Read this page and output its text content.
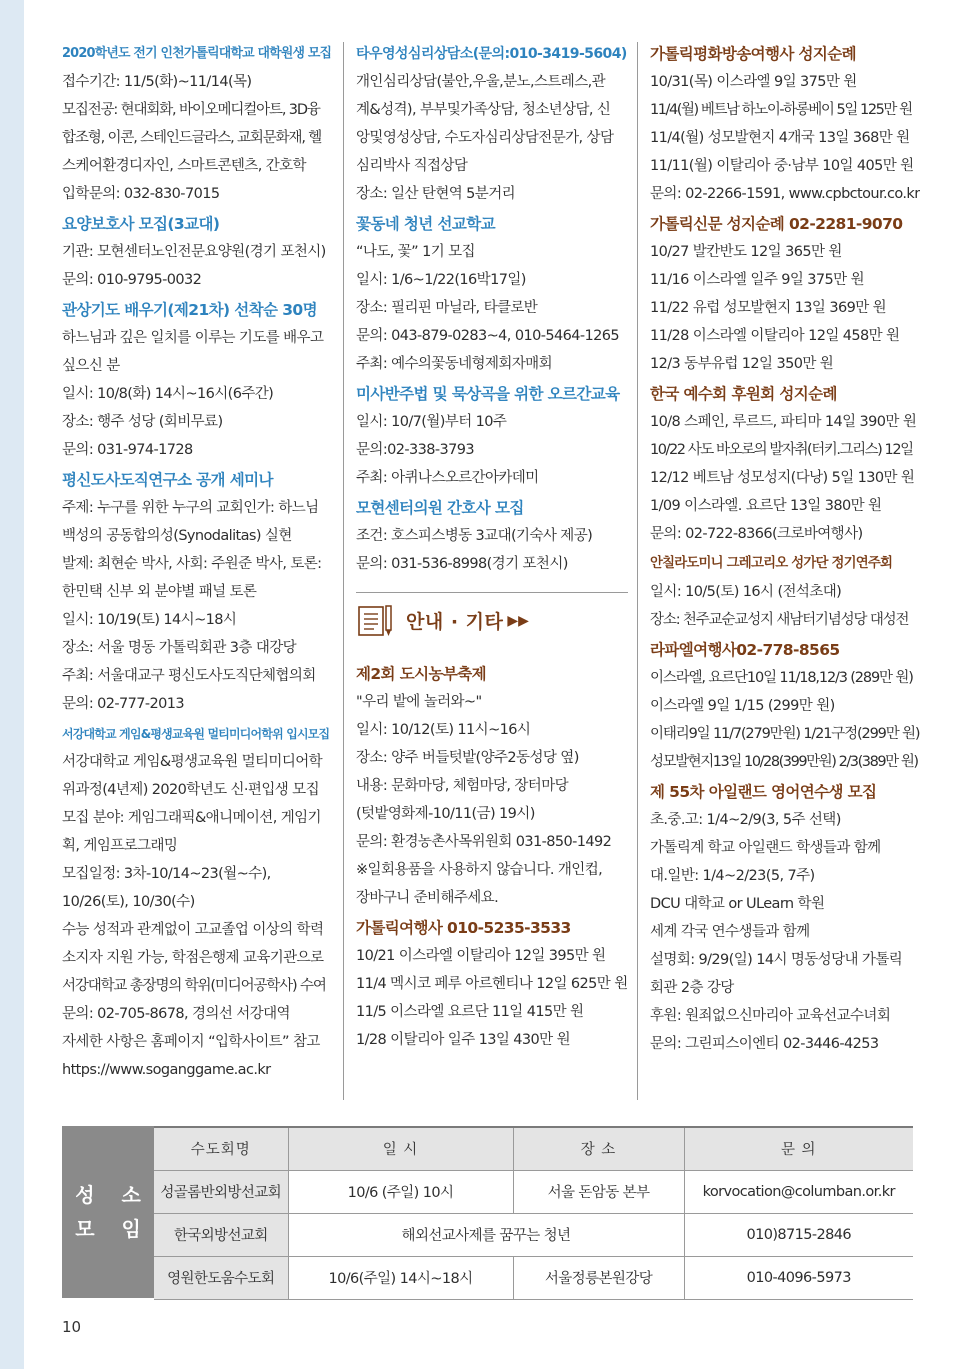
2020학년도 전기 인천가톨릭대학교 대학원생 모집
접수기간: 11/5(화)~11/14(목)
모집전공: 현대회화, 바이오메디컬아트, 3D융
합조형, 이콘, 스테인드글라스, 교회문화재, 헬
스케어환경디자인, 스마트콘텐츠, 간호학
입학문의: 032-830-7015
요양보호사 모집(3교대)
기관: 모현센터노인전문요양원(경기 포천시)
문의: 010-9795-0032
관상기도 배우기(제21차) 선착순 30명
하느님과 깊은 일치를 이루는 기도를 배우고
싶으신 분
일시: 10/8(화) 14시~16시(6주간)
장소: 행주 성당 (회비무료)
문의: 031-974-1728
평신도사도직연구소 공개 세미나
주제: 누구를 위한 누구의 교회인가: 하느님
백성의 공동합의성(Synodalitas) 실현
발제: 최현순 박사, 사회: 주원준 박사, 토론:
한민택 신부 외 분야별 패널 토론
일시: 10/19(토) 14시~18시
장소: 서울 명동 가톨릭회관 3층 대강당
주최: 서울대교구 평신도사도직단체협의회
문의: 02-777-2013
서강대학교 게임&평생교육원 멀티미디어학위 입시모집
서강대학교 게임&평생교육원 멀티미디어학
위과정(4년제) 2020학년도 신·편입생 모집
모집 분야: 게임그래픽&애니메이션, 게임기
획, 게임프로그래밍
모집일정: 3차-10/14~23(월~수),
10/26(토), 10/30(수)
수능 성적과 관계없이 고교졸업 이상의 학력
소지자 지원 가능, 학점은행제 교육기관으로
서강대학교 총장명의 학위(미디어공학사) 수여
문의: 02-705-8678, 경의선 서강대역
자세한 사항은 홈페이지 “입학사이트” 참고
https://www.soganggame.ac.kr
타우영성심리상담소(문의:010-3419-5604)
개인심리상담(불안,우울,분노,스트레스,관
계&성격), 부부및가족상담, 청소년상담, 신
앙및영성상담, 수도자심리상담전문가, 상담
심리박사 직접상담
장소: 일산 탄현역 5분거리
꽃동네 청년 선교학교
“나도, 꽃” 1기 모집
일시: 1/6~1/22(16박17일)
장소: 필리핀 마닐라, 타클로반
문의: 043-879-0283~4, 010-5464-1265
주최: 예수의꽃동네형제회자매회
미사반주법 및 묵상곡을 위한 오르간교육
일시: 10/7(월)부터 10주
문의:02-338-3793
주최: 아퀴나스오르간아카데미
모현센터의원 간호사 모집
조건: 호스피스병동 3교대(기숙사 제공)
문의: 031-536-8998(경기 포천시)
안내 · 기타 ▶▶
제2회 도시농부축제
"우리 밭에 놀러와~"
일시: 10/12(토) 11시~16시
장소: 양주 버들텃밭(양주2동성당 옆)
내용: 문화마당, 체험마당, 장터마당
(텃밭영화제-10/11(금) 19시)
문의: 환경농촌사목위원회 031-850-1492
※일회용품을 사용하지 않습니다. 개인컵,
장바구니 준비해주세요.
가톨릭여행사 010-5235-3533
10/21 이스라엘 이탈리아 12일 395만 원
11/4 멕시코 페루 아르헨티나 12일 625만 원
11/5 이스라엘 요르단 11일 415만 원
1/28 이탈리아 일주 13일 430만 원
가톨릭평화방송여행사 성지순례
10/31(목) 이스라엘 9일 375만 원
11/4(월) 베트남 하노이-하롱베이 5일 125만 원
11/4(월) 성모발현지 4개국 13일 368만 원
11/11(월) 이탈리아 중·남부 10일 405만 원
문의: 02-2266-1591, www.cpbctour.co.kr
가톨릭신문 성지순례 02-2281-9070
10/27 발칸반도 12일 365만 원
11/16 이스라엘 일주 9일 375만 원
11/22 유럽 성모발현지 13일 369만 원
11/28 이스라엘 이탈리아 12일 458만 원
12/3 동부유럽 12일 350만 원
한국 예수회 후원회 성지순례
10/8 스페인, 루르드, 파티마 14일 390만 원
10/22 사도 바오로의 발자취(터키.그리스) 12일
12/12 베트남 성모성지(다낭) 5일 130만 원
1/09 이스라엘. 요르단 13일 380만 원
문의: 02-722-8366(크로바여행사)
안칠라도미니 그레고리오 성가단 정기연주회
일시: 10/5(토) 16시 (전석초대)
장소: 천주교순교성지 새남터기념성당 대성전
라파엘여행사02-778-8565
이스라엘, 요르단10일 11/18,12/3 (289만 원)
이스라엘 9일 1/15 (299만 원)
이태리9일 11/7(279만원) 1/21구정(299만 원)
성모발현지13일 10/28(399만원) 2/3(389만 원)
제 55차 아일랜드 영어연수생 모집
초.중.고: 1/4~2/9(3, 5주 선택)
가톨릭계 학교 아일랜드 학생들과 함께
대.일반: 1/4~2/23(5, 7주)
DCU 대학교 or ULearn 학원
세계 각국 연수생들과 함께
설명회: 9/29(일) 14시 명동성당내 가톨릭
회관 2층 강당
후원: 원죄없으신마리아 교육선교수녀회
문의: 그린피스이엔티 02-3446-4253
성 소
모 임
수도회명	일 시	장 소	문 의
성골롬반외방선교회	10/6 (주일) 10시	서울 돈암동 본부	korvocation@columban.or.kr
한국외방선교회	해외선교사제를 꿈꾸는 청년		010)8715-2846
영원한도움수도회	10/6(주일) 14시~18시	서울정릉본원강당	010-4096-5973
10
